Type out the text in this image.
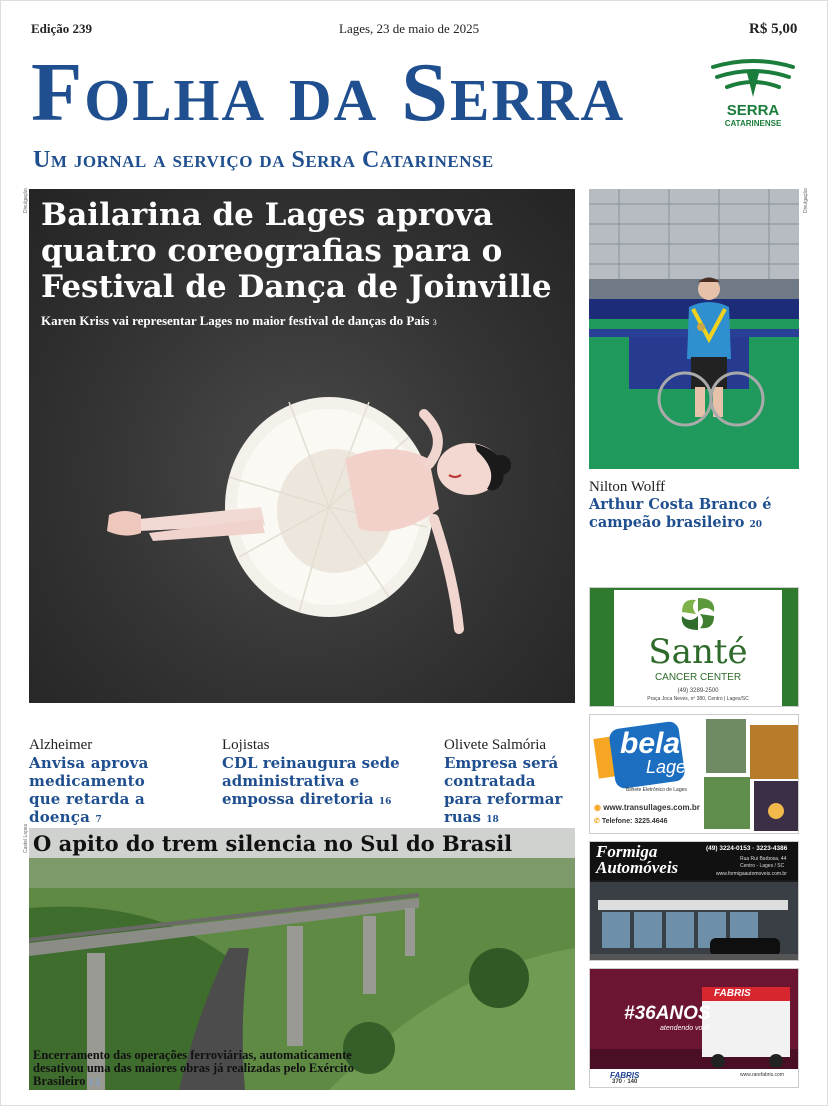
Edição 239	Lages, 23 de maio de 2025	R$ 5,00
Folha da Serra
Um jornal a serviço da Serra Catarinense
SERRA
CATARINENSE
Divulgação Bailarina de Lages aprova quatro coreografias para o Festival de Dança de Joinville
Karen Kriss vai representar Lages no maior festival de danças do País 3
Divulgação
Nilton Wolff
Arthur Costa Branco é campeão brasileiro 20
Santé
CANCER CENTER
(49) 3289-2500
Praça Joca Neves, nº 380, Centro | Lages/SC
bela
Lages
Bilhete Eletrônico de Lages
◉ www.transullages.com.br
✆ Telefone: 3225.4646
Formiga Automóveis
(49) 3224-0153 · 3223-4386
Rua Rui Barbosa, 44
Centro - Lages / SC
www.formigaautomoveis.com.br
#36ANOS
atendendo você
FABRIS
FABRIS
370 · 140
www.rarefabris.com
Alzheimer
Anvisa aprova medicamento que retarda a doença 7
Lojistas
CDL reinaugura sede administrativa e empossa diretoria 16
Olivete Salmória
Empresa será contratada para reformar ruas 18
Castel Lopes O apito do trem silencia no Sul do Brasil
Encerramento das operações ferroviárias, automaticamente desativou uma das maiores obras já realizadas pelo Exército Brasileiro 1 1
